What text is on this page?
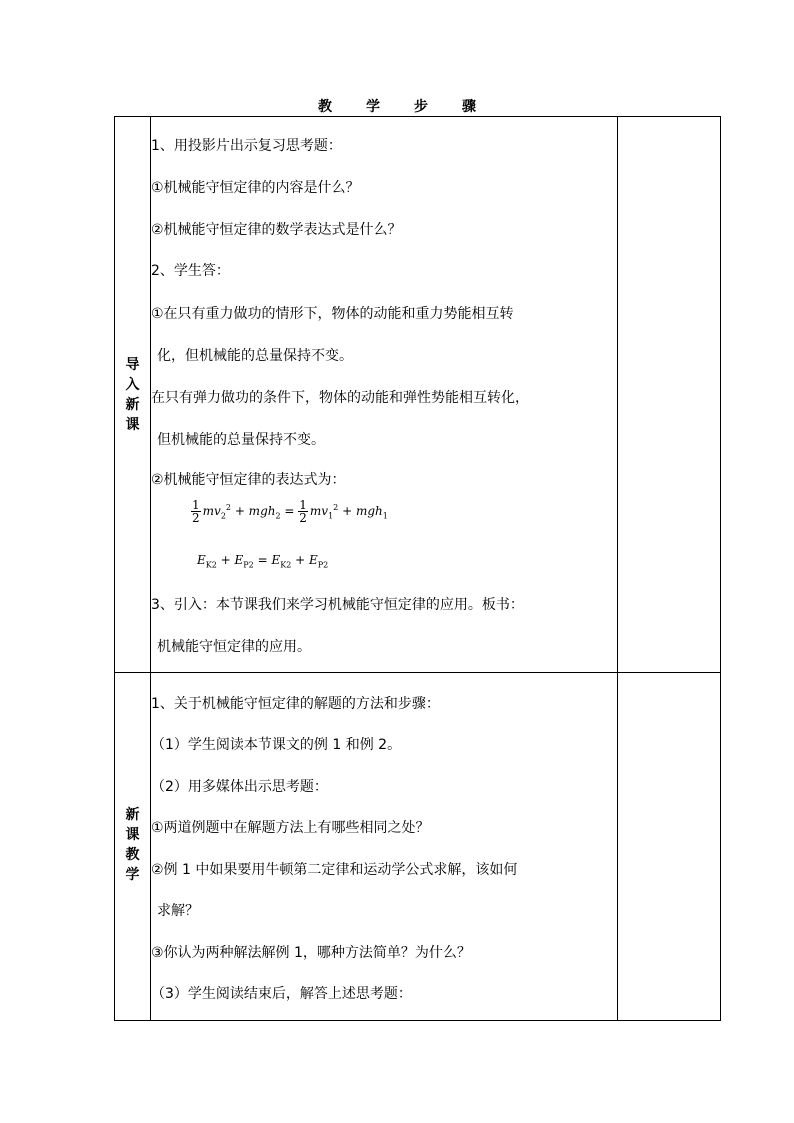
教学步骤
导
入
新
课

1、用投影片出示复习思考题：

①机械能守恒定律的内容是什么？

②机械能守恒定律的数学表达式是什么？

2、学生答：

①在只有重力做功的情形下，物体的动能和重力势能相互转

化，但机械能的总量保持不变。

在只有弹力做功的条件下，物体的动能和弹性势能相互转化，

但机械能的总量保持不变。

②机械能守恒定律的表达式为：

$\frac{1}{2} mv_2^2 + mgh_2 = \frac{1}{2} mv_1^2 + mgh_1$
$E_{K2} + E_{P2} = E_{K2} + E_{P2}$

3、引入：本节课我们来学习机械能守恒定律的应用。板书：

机械能守恒定律的应用。

新
课
教
学

1、关于机械能守恒定律的解题的方法和步骤：

（1）学生阅读本节课文的例 1 和例 2。

（2）用多媒体出示思考题：

①两道例题中在解题方法上有哪些相同之处？

②例 1 中如果要用牛顿第二定律和运动学公式求解，该如何

求解？

③你认为两种解法解例 1，哪种方法简单？为什么？

（3）学生阅读结束后，解答上述思考题：
